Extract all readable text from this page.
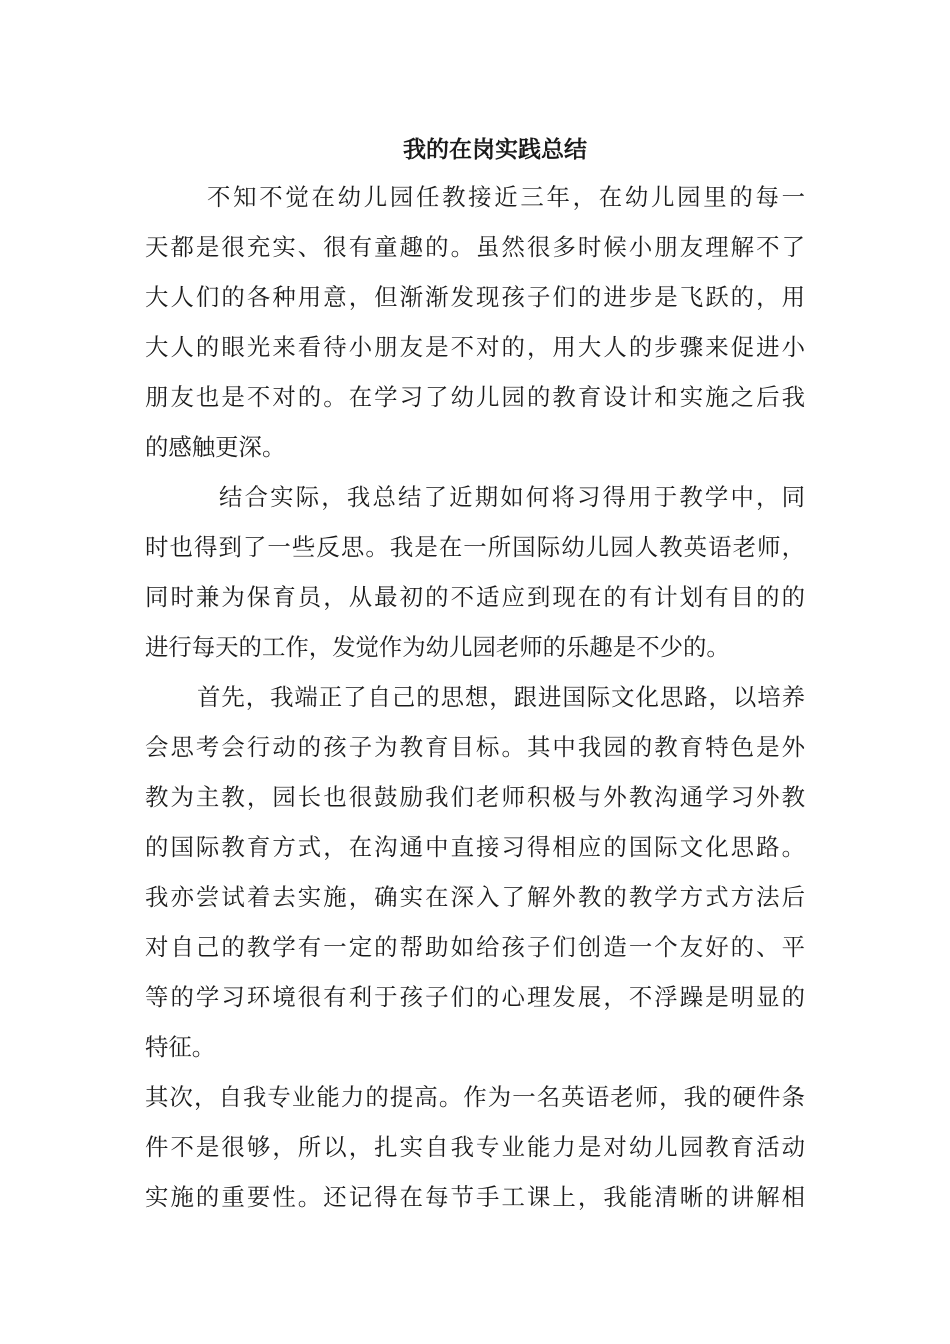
我的在岗实践总结
不知不觉在幼儿园任教接近三年，在幼儿园里的每一
天都是很充实、很有童趣的。虽然很多时候小朋友理解不了
大人们的各种用意，但渐渐发现孩子们的进步是飞跃的，用
大人的眼光来看待小朋友是不对的，用大人的步骤来促进小
朋友也是不对的。在学习了幼儿园的教育设计和实施之后我
的感触更深。
结合实际，我总结了近期如何将习得用于教学中，同
时也得到了一些反思。我是在一所国际幼儿园人教英语老师，
同时兼为保育员，从最初的不适应到现在的有计划有目的的
进行每天的工作，发觉作为幼儿园老师的乐趣是不少的。
首先，我端正了自己的思想，跟进国际文化思路，以培养
会思考会行动的孩子为教育目标。其中我园的教育特色是外
教为主教，园长也很鼓励我们老师积极与外教沟通学习外教
的国际教育方式，在沟通中直接习得相应的国际文化思路。
我亦尝试着去实施，确实在深入了解外教的教学方式方法后
对自己的教学有一定的帮助如给孩子们创造一个友好的、平
等的学习环境很有利于孩子们的心理发展，不浮躁是明显的
特征。
其次，自我专业能力的提高。作为一名英语老师，我的硬件条
件不是很够，所以，扎实自我专业能力是对幼儿园教育活动
实施的重要性。还记得在每节手工课上，我能清晰的讲解相
